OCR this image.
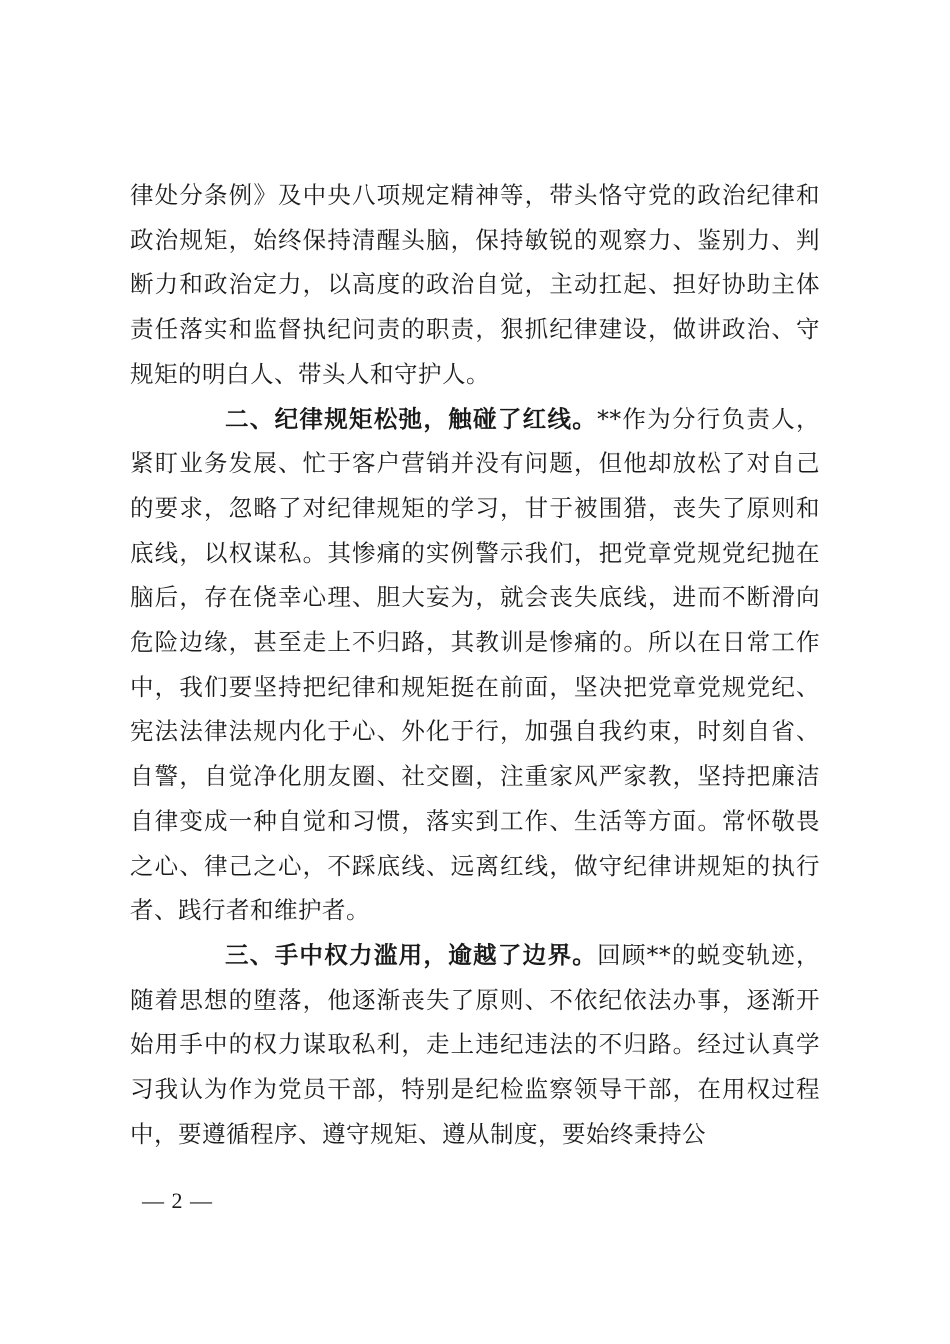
律处分条例》及中央八项规定精神等，带头恪守党的政治纪律和政治规矩，始终保持清醒头脑，保持敏锐的观察力、鉴别力、判断力和政治定力，以高度的政治自觉，主动扛起、担好协助主体责任落实和监督执纪问责的职责，狠抓纪律建设，做讲政治、守规矩的明白人、带头人和守护人。

二、纪律规矩松弛，触碰了红线。**作为分行负责人，紧盯业务发展、忙于客户营销并没有问题，但他却放松了对自己的要求，忽略了对纪律规矩的学习，甘于被围猎，丧失了原则和底线，以权谋私。其惨痛的实例警示我们，把党章党规党纪抛在脑后，存在侥幸心理、胆大妄为，就会丧失底线，进而不断滑向危险边缘，甚至走上不归路，其教训是惨痛的。所以在日常工作中，我们要坚持把纪律和规矩挺在前面，坚决把党章党规党纪、宪法法律法规内化于心、外化于行，加强自我约束，时刻自省、自警，自觉净化朋友圈、社交圈，注重家风严家教，坚持把廉洁自律变成一种自觉和习惯，落实到工作、生活等方面。常怀敬畏之心、律己之心，不踩底线、远离红线，做守纪律讲规矩的执行者、践行者和维护者。

三、手中权力滥用，逾越了边界。回顾**的蜕变轨迹，随着思想的堕落，他逐渐丧失了原则、不依纪依法办事，逐渐开始用手中的权力谋取私利，走上违纪违法的不归路。经过认真学习我认为作为党员干部，特别是纪检监察领导干部，在用权过程中，要遵循程序、遵守规矩、遵从制度，要始终秉持公

— 2 —
